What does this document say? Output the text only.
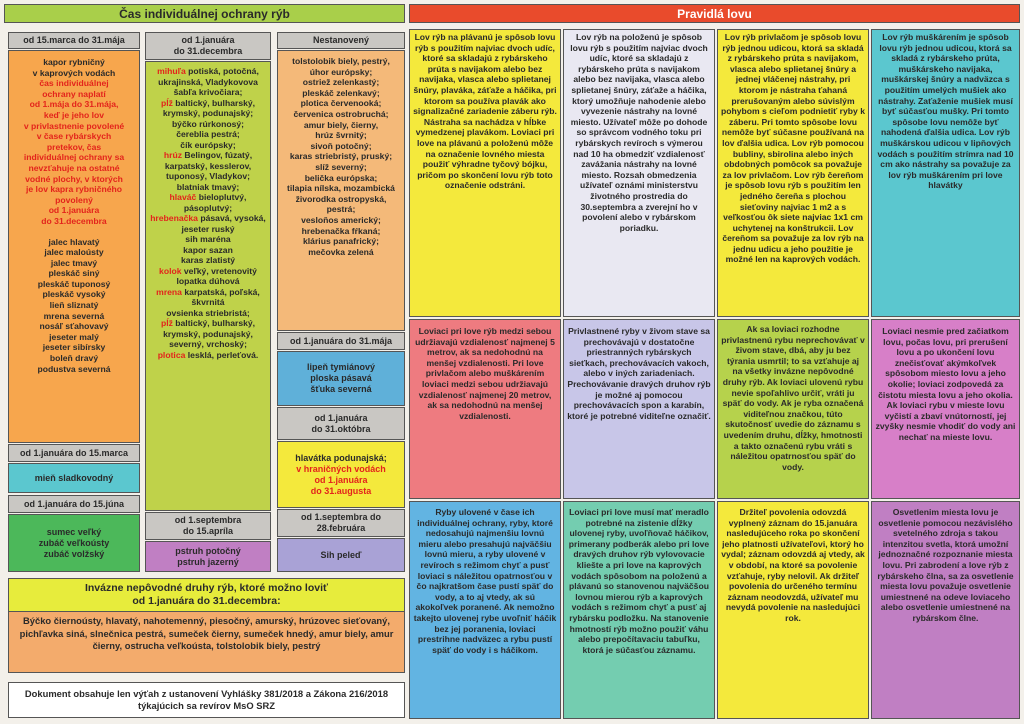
Čas individuálnej ochrany rýb	Pravidlá lovu
od 15.marca do 31.mája
kapor rybničný
v kaprových vodách
čas individuálnej
ochrany naplatí
od 1.mája do 31.mája,
keď je jeho lov
v privlastnenie povolené
v čase rybárskych
pretekov, čas
individuálnej ochrany sa
nevzťahuje na ostatné
vodné plochy, v ktorých
je lov kapra rybničného
povolený
od 1.januára
do 31.decembra
jalec hlavatý
jalec maloústy
jalec tmavý
pleskáč siný
pleskáč tuponosý
pleskáč vysoký
lieň sliznatý
mrena severná
nosáľ sťahovavý
jeseter malý
jeseter sibírsky
boleň dravý
podustva severná
od 1.januára do 15.marca
mieň sladkovodný
od 1.januára do 15.júna
sumec veľký
zubáč veľkoústy
zubáč volžský
od 1.januára
do 31.decembra
mihuľa potiská, potočná, ukrajinská, Vladykovova
šabľa krivočiara;
pĺž baltický, bulharský, krymský, podunajský;
býčko rúrkonosý;
čereblia pestrá;
čík európsky;
hrúz Belingov, fúzatý, karpatský, kesslerov, tuponosý, Vladykov;
blatniak tmavý;
hlaváč bieloplutvý, pásoplutvý;
hrebenačka pásavá, vysoká,
jeseter ruský
sih maréna
kapor sazan
karas zlatistý
kolok veľký, vretenovitý
lopatka dúhová
mrena karpatská, poľská, škvrnitá
ovsienka striebristá;
pĺž baltický, bulharský, krymský, podunajský, severný, vrchoský;
plotica lesklá, perleťová.
od 1.septembra
do 15.apríla
pstruh potočný
pstruh jazerný
Nestanovený
tolstolobik biely, pestrý,
úhor európsky;
ostriež zelenkastý;
pleskáč zelenkavý;
plotica červenooká;
červenica ostrobruchá;
amur biely, čierny,
hrúz švrnitý;
sivoň potočný;
karas striebristý, pruský;
slíž severný;
belička európska;
tilapia nílska, mozambická
živorodka ostropyská, pestrá;
vesloňos americký;
hrebenačka fŕkaná;
klárius panafrický;
mečovka zelená
od 1.januára do 31.mája
lipeň tymiánový
ploska pásavá
šťuka severná
od 1.januára
do 31.októbra
hlavátka podunajská;
v hraničných vodách
od 1.januára
do 31.augusta
od 1.septembra do
28.februára
Sih peleď
Invázne nepôvodné druhy rýb, ktoré možno loviť
od 1.januára do 31.decembra:
Býčko čiernoústy, hlavatý, nahotemenný, piesočný, amurský, hrúzovec sieťovaný, pichľavka siná, slnečnica pestrá, sumeček čierny, sumeček hnedý, amur biely, amur čierny, ostrucha veľkoústa, tolstolobik biely, pestrý
Dokument obsahuje len výťah z ustanovení Vyhlášky 381/2018 a Zákona 216/2018
týkajúcich sa revírov MsO SRZ
Lov rýb na plávanú je spôsob lovu rýb s použitím najviac dvoch udíc, ktoré sa skladajú z rybárskeho prúta s navijakom alebo bez navijaka, vlasca alebo splietanej šnúry, plaváka, záťaže a háčika, pri ktorom sa používa plavák ako signalizačné zariadenie záberu rýb. Nástraha sa nachádza v hĺbke vymedzenej plavákom. Loviaci pri love na plávanú a položenú môže na označenie lovného miesta použiť výhradne tyčový bójku, pričom po skončení lovu rýb toto označenie odstráni.
Lov rýb na položenú je spôsob lovu rýb s použitím najviac dvoch udíc, ktoré sa skladajú z rybárskeho prúta s navijakom alebo bez navijaka, vlasca alebo splietanej šnúry, záťaže a háčika, ktorý umožňuje nahodenie alebo vyvezenie nástrahy na lovné miesto. Užívateľ môže po dohode so správcom vodného toku pri rybárskych revíroch s výmerou nad 10 ha obmedziť vzdialenosť zavážania nástrahy na lovné miesto. Rozsah obmedzenia užívateľ oznámi ministerstvu životného prostredia do 30.septembra a zverejní ho v povolení alebo v rybárskom poriadku.
Lov rýb privlačom je spôsob lovu rýb jednou udicou, ktorá sa skladá z rybárskeho prúta s navijakom, vlasca alebo splietanej šnúry a jednej vláčenej nástrahy, pri ktorom je nástraha ťahaná prerušovaným alebo súvislým pohybom s cieľom podnietiť ryby k záberu. Pri tomto spôsobe lovu nemôže byť súčasne používaná na lov ďalšia udica. Lov rýb pomocou bubliny, sbirolina alebo iných obdobných pomôcok sa považuje za lov privlačom. Lov rýb čereňom je spôsob lovu rýb s použitím len jedného čereňa s plochou sieťoviny najviac 1 m2 a s veľkosťou ôk siete najviac 1x1 cm uchytenej na konštrukcii. Lov čereňom sa považuje za lov rýb na jednu udicu a jeho použitie je možné len na kaprových vodách.
Lov rýb muškárením je spôsob lovu rýb jednou udicou, ktorá sa skladá z rybárskeho prúta, muškárskeho navijaka, muškárskej šnúry a nadväzca s použitím umelých mušiek ako nástrahy. Zaťaženie mušiek musí byť súčasťou mušky. Pri tomto spôsobe lovu nemôže byť nahodená ďalšia udica. Lov rýb muškárskou udicou v lipňových vodách s použitím strímra nad 10 cm ako nástrahy sa považuje za lov rýb muškárením pri love hlavátky
Loviaci pri love rýb medzi sebou udržiavajú vzdialenosť najmenej 5 metrov, ak sa nedohodnú na menšej vzdialenosti. Pri love privlačom alebo muškárením loviaci medzi sebou udržiavajú vzdialenosť najmenej 20 metrov, ak sa nedohodnú na menšej vzdialenosti.
Privlastnené ryby v živom stave sa prechovávajú v dostatočne priestranných rybárskych sieťkach, prechovávacích vakoch, alebo v iných zariadeniach. Prechovávanie dravých druhov rýb je možné aj pomocou prechovávacích spon a karabín, ktoré je potrebné viditeľne označiť.
Ak sa loviaci rozhodne privlastnenú rybu neprechovávať v živom stave, dbá, aby ju bez týrania usmrtil; to sa vzťahuje aj na všetky invázne nepôvodné druhy rýb. Ak loviaci ulovenú rybu nevie spoľahlivo určiť, vráti ju späť do vody. Ak je ryba označená viditeľnou značkou, túto skutočnosť uvedie do záznamu s uvedením druhu, dĺžky, hmotnosti a takto označenú rybu vráti s náležitou opatrnosťou späť do vody.
Loviaci nesmie pred začiatkom lovu, počas lovu, pri prerušení lovu a po ukončení lovu znečisťovať akýmkoľvek spôsobom miesto lovu a jeho okolie; loviaci zodpovedá za čistotu miesta lovu a jeho okolia. Ak loviaci rybu v mieste lovu vyčistí a zbaví vnútorností, jej zvyšky nesmie vhodiť do vody ani nechať na mieste lovu.
Ryby ulovené v čase ich individuálnej ochrany, ryby, ktoré nedosahujú najmenšiu lovnú mieru alebo presahujú najväčšiu lovnú mieru, a ryby ulovené v revíroch s režimom chyť a pusť loviaci s náležitou opatrnosťou v čo najkratšom čase pustí späť do vody, a to aj vtedy, ak sú akokoľvek poranené. Ak nemožno takejto ulovenej rybe uvoľniť háčik bez jej poranenia, loviaci prestrihne nadväzec a rybu pustí späť do vody i s háčikom.
Loviaci pri love musí mať meradlo potrebné na zistenie dĺžky ulovenej ryby, uvoľňovač háčikov, primerany podberák alebo pri love dravých druhov rýb vylovovacie kliešte a pri love na kaprových vodách spôsobom na položenú a plávanú so stanovenou najväčšou lovnou mierou rýb a kaprových vodách s režimom chyť a pusť aj rybársku podložku. Na stanovenie hmotností rýb možno použiť váhu alebo prepočítavaciu tabuľku, ktorá je súčasťou záznamu.
Držiteľ povolenia odovzdá vyplnený záznam do 15.januára nasledujúceho roka po skončení jeho platnosti užívateľovi, ktorý ho vydal; záznam odovzdá aj vtedy, ak v období, na ktoré sa povolenie vzťahuje, ryby nelovil. Ak držiteľ povolenia do určeného termínu záznam neodovzdá, užívateľ mu nevydá povolenie na nasledujúci rok.
Osvetlenim miesta lovu je osvetlenie pomocou nezávislého svetelného zdroja s takou intenzitou svetla, ktorá umožní jednoznačné rozpoznanie miesta lovu. Pri zabrodení a love rýb z rybárskeho člna, sa za osvetlenie miesta lovu považuje osvetlenie umiestnené na odeve loviaceho alebo osvetlenie umiestnené na rybárskom člne.
